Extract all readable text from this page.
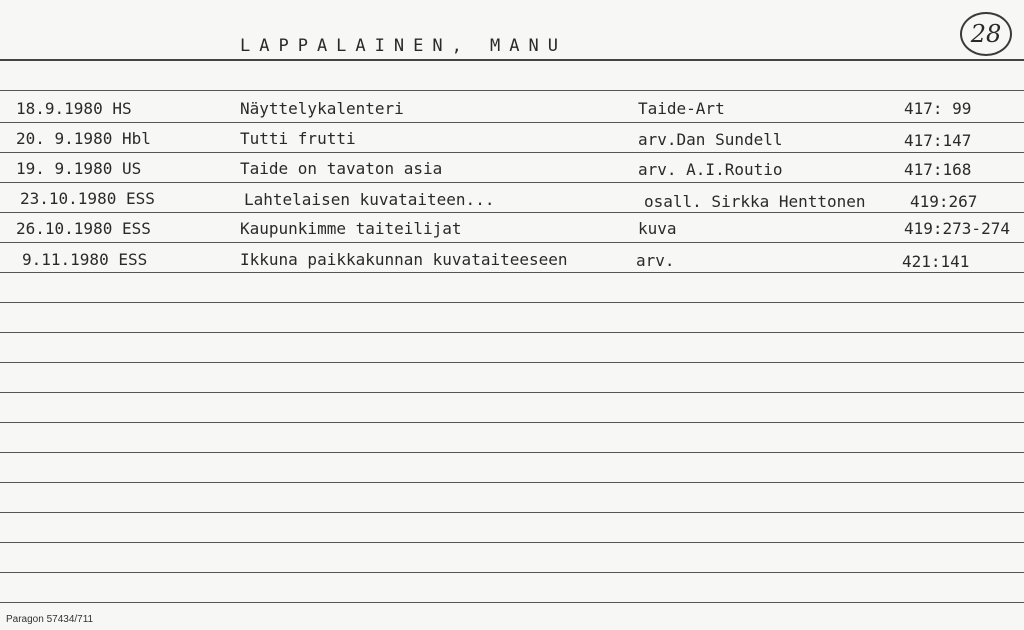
LAPPALAINEN, MANU	28
18.9.1980 HS	Näyttelykalenteri	Taide-Art	417: 99
20. 9.1980 Hbl	Tutti frutti	arv.Dan Sundell	417:147
19. 9.1980 US	Taide on tavaton asia	arv. A.I.Routio	417:168
23.10.1980 ESS	Lahtelaisen kuvataiteen...	osall. Sirkka Henttonen	419:267
26.10.1980 ESS	Kaupunkimme taiteilijat	kuva	419:273-274
9.11.1980 ESS	Ikkuna paikkakunnan kuvataiteeseen	arv.	421:141
Paragon 57434/711
